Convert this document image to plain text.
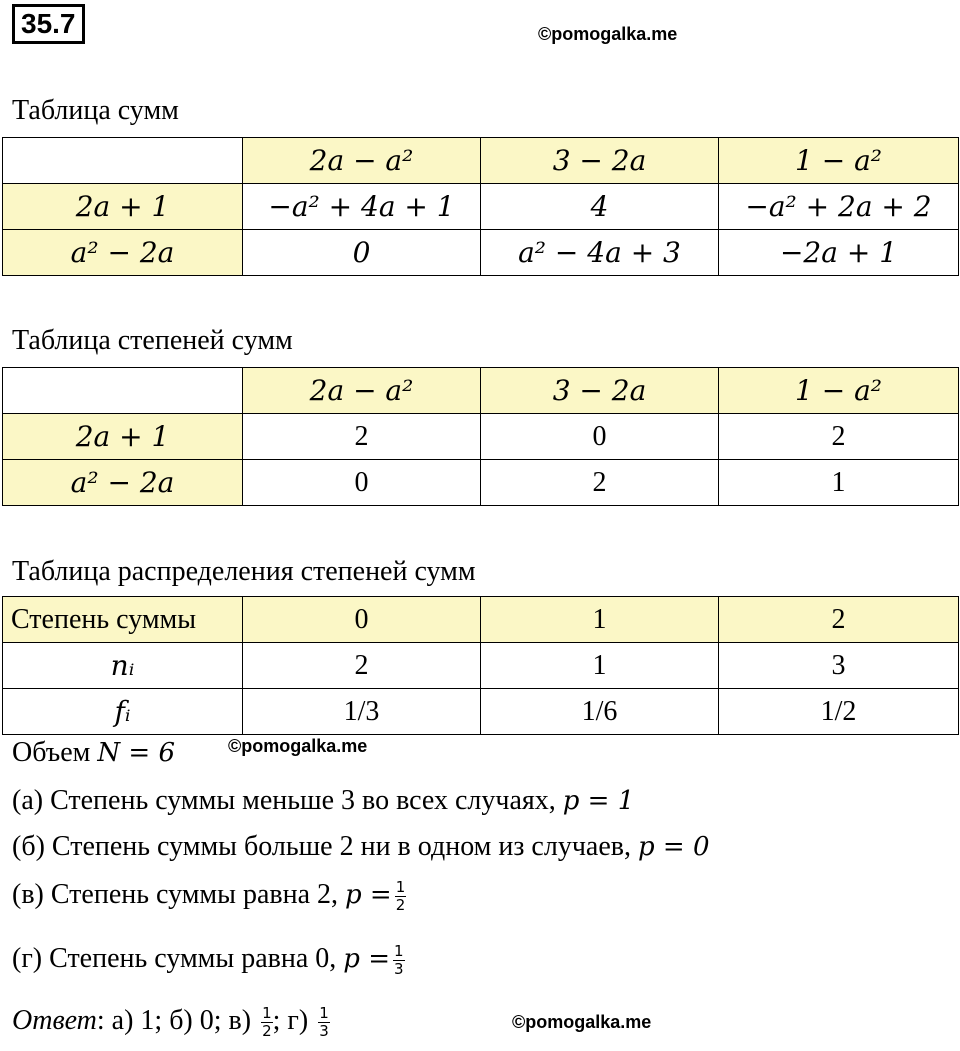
35.7	©pomogalka.me
Таблица сумм
	2a − a²	3 − 2a	1 − a²
2a + 1	−a² + 4a + 1	4	−a² + 2a + 2
a² − 2a	0	a² − 4a + 3	−2a + 1
Таблица степеней сумм
	2a − a²	3 − 2a	1 − a²
2a + 1	2	0	2
a² − 2a	0	2	1
Таблица распределения степеней сумм
Степень суммы	0	1	2
nᵢ	2	1	3
fᵢ	1/3	1/6	1/2
Объем N = 6	©pomogalka.me
(а) Степень суммы меньше 3 во всех случаях, p = 1
(б) Степень суммы больше 2 ни в одном из случаев, p = 0
(в) Степень суммы равна 2, $p = \frac{1}{2}$
(г) Степень суммы равна 0, $p = \frac{1}{3}$
Ответ: а) 1; б) 0; $в) \frac{1}{2}$ ; $г) \frac{1}{3}$	©pomogalka.me
